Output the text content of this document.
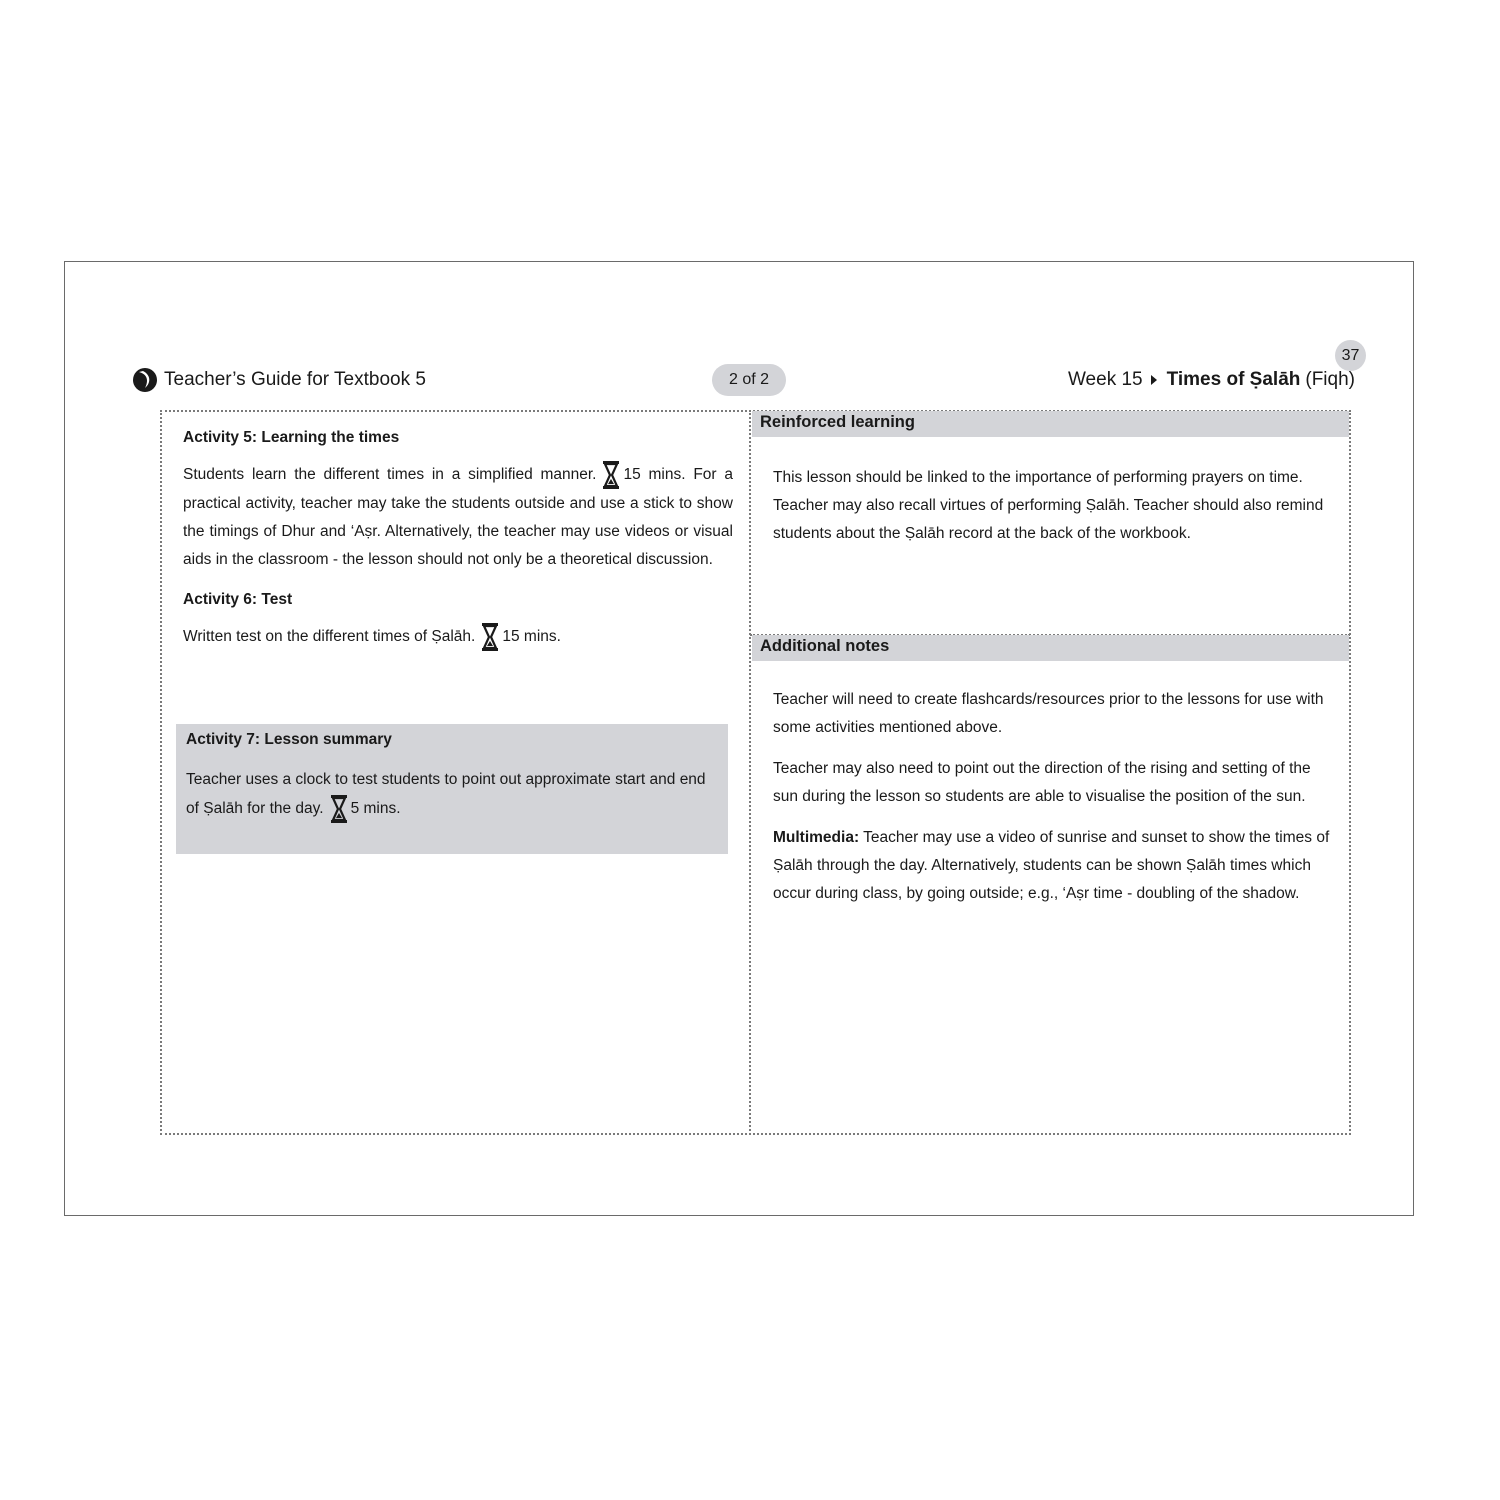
Teacher’s Guide for Textbook 5	2 of 2
37
Week 15 Times of Ṣalāh (Fiqh)
Activity 5: Learning the times

Students learn the different times in a simplified manner. 15 mins. For a practical activity, teacher may take the students outside and use a stick to show the timings of Dhur and ‘Aṣr. Alternatively, the teacher may use videos or visual aids in the classroom - the lesson should not only be a theoretical discussion.

Activity 6: Test

Written test on the different times of Ṣalāh. 15 mins.

Activity 7: Lesson summary

Teacher uses a clock to test students to point out approximate start and end of Ṣalāh for the day. 5 mins.

Reinforced learning

This lesson should be linked to the importance of performing prayers on time. Teacher may also recall virtues of performing Ṣalāh. Teacher should also remind students about the Ṣalāh record at the back of the workbook.

Additional notes

Teacher will need to create flashcards/resources prior to the lessons for use with some activities mentioned above.

Teacher may also need to point out the direction of the rising and setting of the sun during the lesson so students are able to visualise the position of the sun.

Multimedia: Teacher may use a video of sunrise and sunset to show the times of Ṣalāh through the day. Alternatively, students can be shown Ṣalāh times which occur during class, by going outside; e.g., ‘Aṣr time - doubling of the shadow.
